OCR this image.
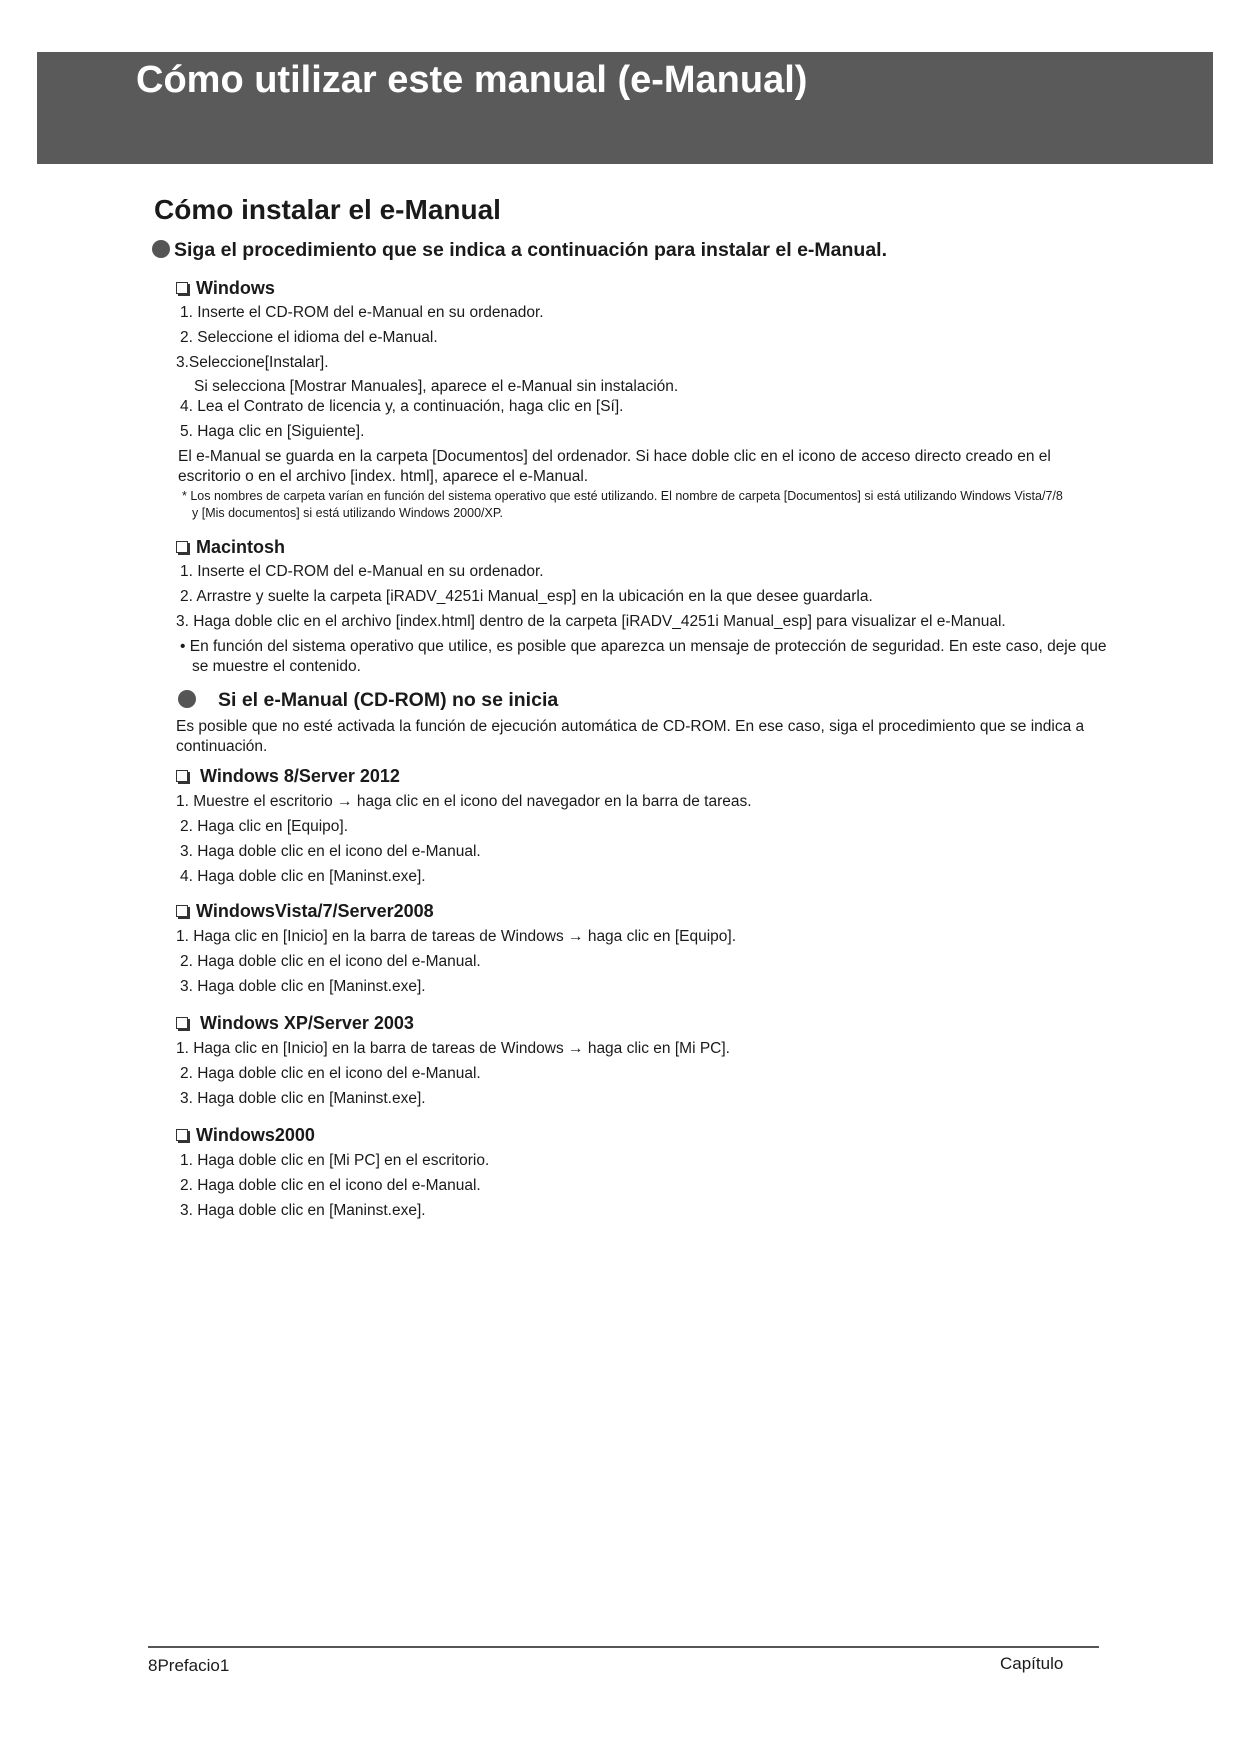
Cómo utilizar este manual (e-Manual)
Cómo instalar el e-Manual
Siga el procedimiento que se indica a continuación para instalar el e-Manual.
Windows
1. Inserte el CD-ROM del e-Manual en su ordenador.
2. Seleccione el idioma del e-Manual.
3.Seleccione[Instalar].
Si selecciona [Mostrar Manuales], aparece el e-Manual sin instalación.
4. Lea el Contrato de licencia y, a continuación, haga clic en [Sí].
5. Haga clic en [Siguiente].
El e-Manual se guarda en la carpeta [Documentos] del ordenador. Si hace doble clic en el icono de acceso directo creado en el escritorio o en el archivo [index. html], aparece el e-Manual.
* Los nombres de carpeta varían en función del sistema operativo que esté utilizando. El nombre de carpeta [Documentos] si está utilizando Windows Vista/7/8 y [Mis documentos] si está utilizando Windows 2000/XP.
Macintosh
1. Inserte el CD-ROM del e-Manual en su ordenador.
2. Arrastre y suelte la carpeta [iRADV_4251i Manual_esp] en la ubicación en la que desee guardarla.
3. Haga doble clic en el archivo [index.html] dentro de la carpeta [iRADV_4251i Manual_esp] para visualizar el e-Manual.
• En función del sistema operativo que utilice, es posible que aparezca un mensaje de protección de seguridad. En este caso, deje que se muestre el contenido.
Si el e-Manual (CD-ROM) no se inicia
Es posible que no esté activada la función de ejecución automática de CD-ROM. En ese caso, siga el procedimiento que se indica a continuación.
Windows 8/Server 2012
1. Muestre el escritorio → haga clic en el icono del navegador en la barra de tareas.
2. Haga clic en [Equipo].
3. Haga doble clic en el icono del e-Manual.
4. Haga doble clic en [Maninst.exe].
WindowsVista/7/Server2008
1. Haga clic en [Inicio] en la barra de tareas de Windows → haga clic en [Equipo].
2. Haga doble clic en el icono del e-Manual.
3. Haga doble clic en [Maninst.exe].
Windows XP/Server 2003
1. Haga clic en [Inicio] en la barra de tareas de Windows → haga clic en [Mi PC].
2. Haga doble clic en el icono del e-Manual.
3. Haga doble clic en [Maninst.exe].
Windows2000
1. Haga doble clic en [Mi PC] en el escritorio.
2. Haga doble clic en el icono del e-Manual.
3. Haga doble clic en [Maninst.exe].
8Prefacio1	Capítulo
